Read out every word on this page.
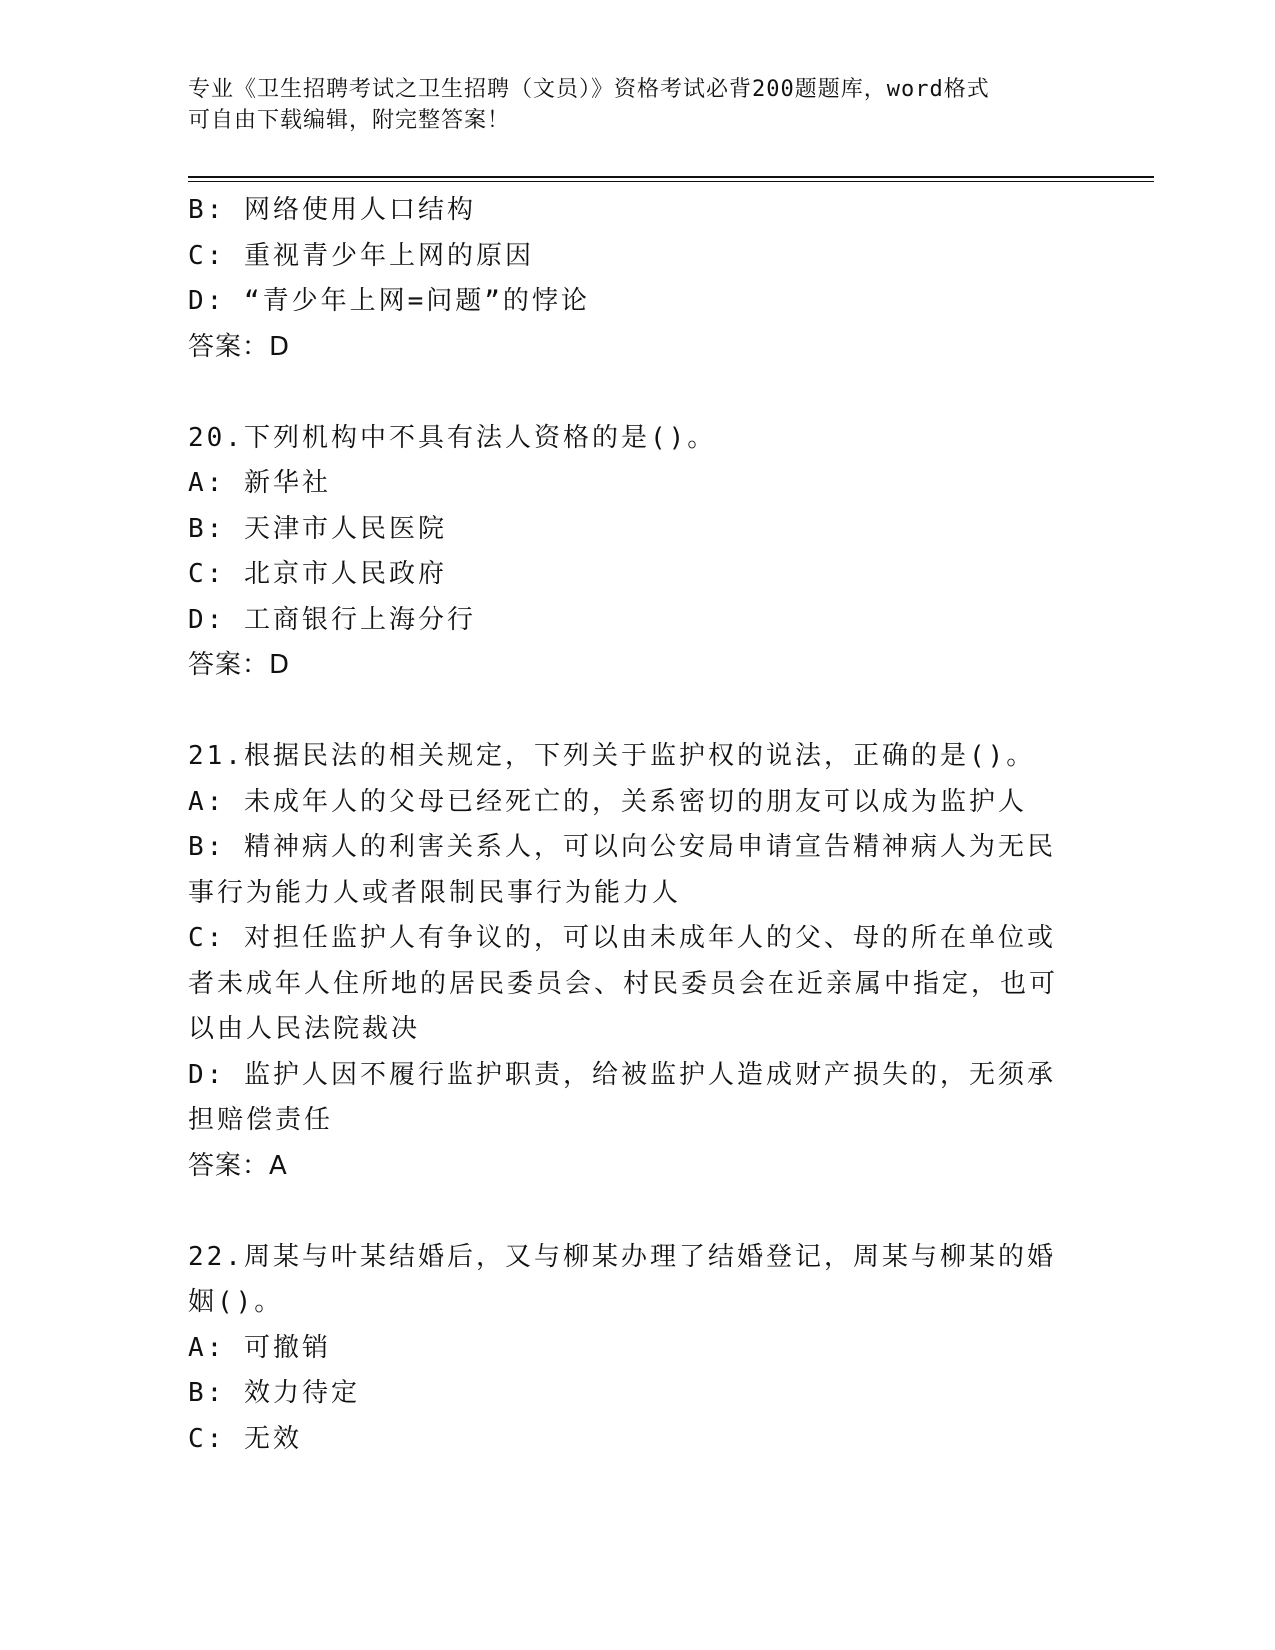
专业《卫生招聘考试之卫生招聘（文员）》资格考试必背200题题库，word格式

可自由下载编辑，附完整答案！

B: 网络使用人口结构
C: 重视青少年上网的原因
D: “青少年上网=问题”的悖论
答案：D
20.下列机构中不具有法人资格的是()。
A: 新华社
B: 天津市人民医院
C: 北京市人民政府
D: 工商银行上海分行
答案：D
21.根据民法的相关规定，下列关于监护权的说法，正确的是()。
A: 未成年人的父母已经死亡的，关系密切的朋友可以成为监护人
B: 精神病人的利害关系人，可以向公安局申请宣告精神病人为无民事行为能力人或者限制民事行为能力人
C: 对担任监护人有争议的，可以由未成年人的父、母的所在单位或者未成年人住所地的居民委员会、村民委员会在近亲属中指定，也可以由人民法院裁决
D: 监护人因不履行监护职责，给被监护人造成财产损失的，无须承担赔偿责任
答案：A
22.周某与叶某结婚后，又与柳某办理了结婚登记，周某与柳某的婚姻()。
A: 可撤销
B: 效力待定
C: 无效
